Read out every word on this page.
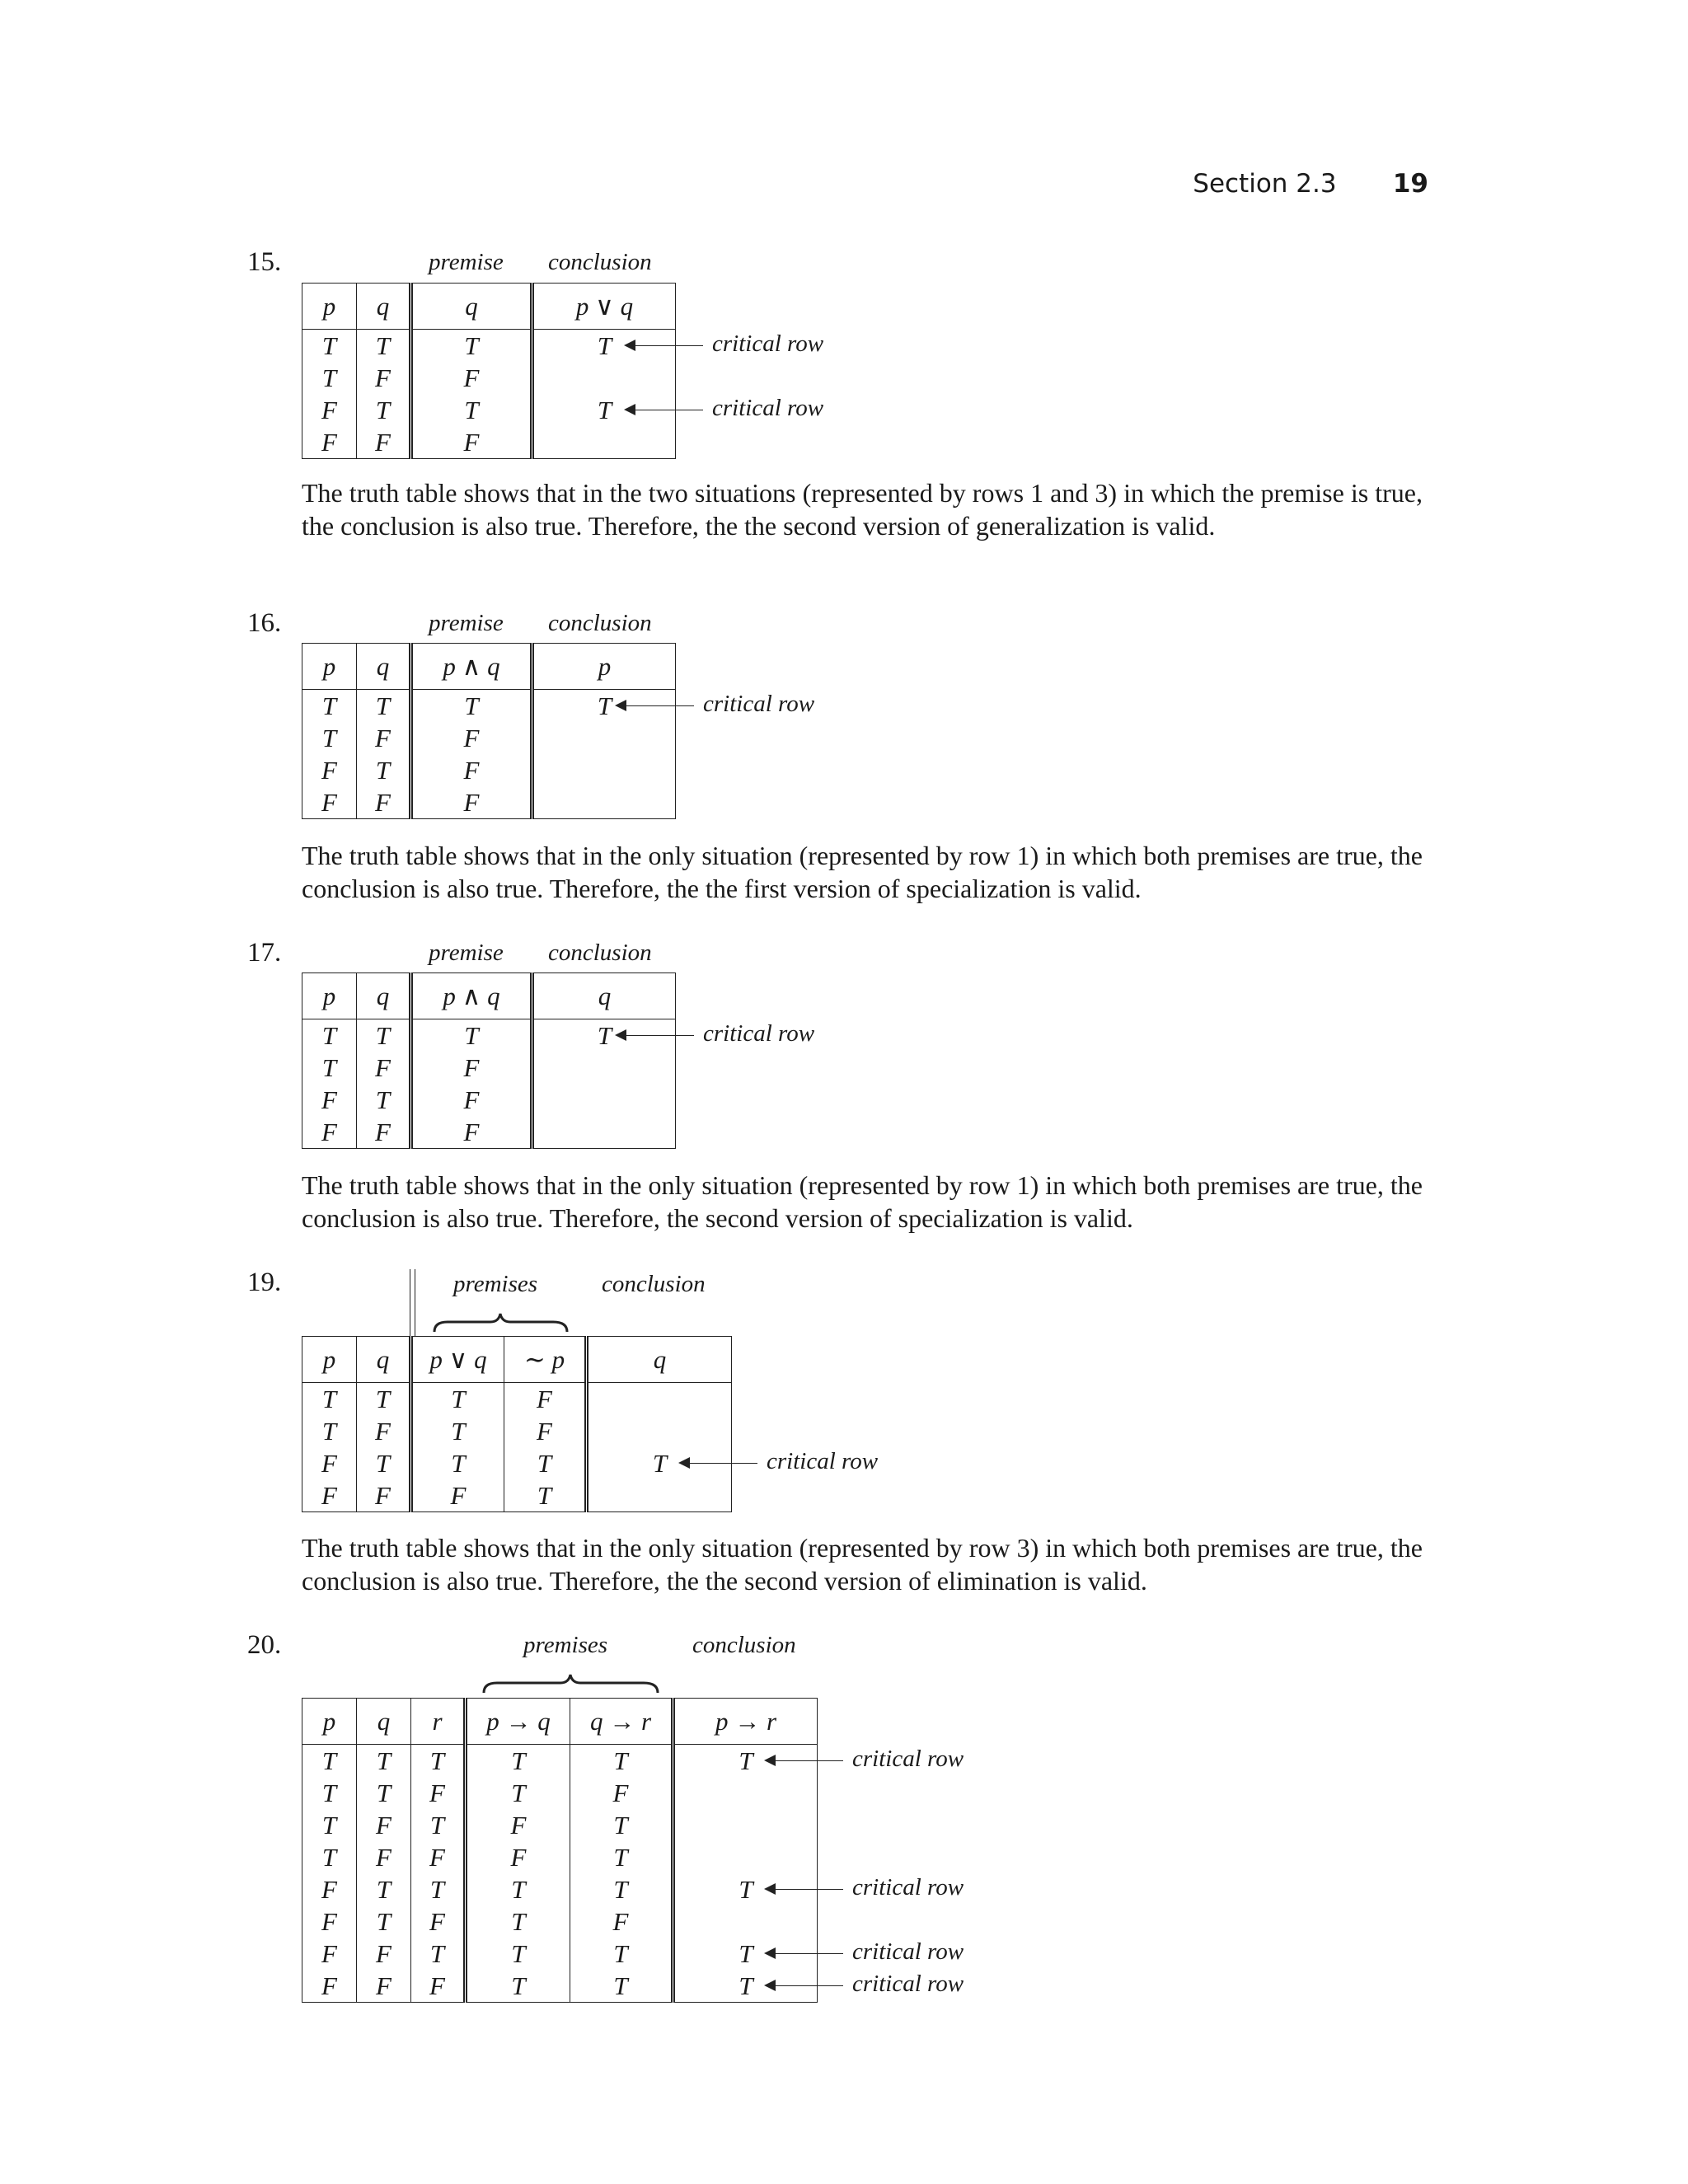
Section 2.3 19
15.	premise conclusion
p	q	q	p ∨ q
T	T	T	T critical row

T	F	F	
F	T	T	T critical row

F	F	F	
The truth table shows that in the two situations (represented by rows 1 and 3) in which the premise is true, the conclusion is also true. Therefore, the the second version of generalization is valid.
16.	premise conclusion
p	q	p ∧ q	p
T	T	T	T critical row

T	F	F	
F	T	F	
F	F	F	
The truth table shows that in the only situation (represented by row 1) in which both premises are true, the conclusion is also true. Therefore, the the first version of specialization is valid.
17.	premise conclusion
p	q	p ∧ q	q
T	T	T	T critical row

T	F	F	
F	T	F	
F	F	F	
The truth table shows that in the only situation (represented by row 1) in which both premises are true, the conclusion is also true. Therefore, the second version of specialization is valid.
19.	premises	conclusion
p	q	p ∨ q	∼ p	q
T	T	T	F	
T	F	T	F	
F	T	T	T	T critical row

F	F	F	T	
The truth table shows that in the only situation (represented by row 3) in which both premises are true, the conclusion is also true. Therefore, the the second version of elimination is valid.
20.	premises	conclusion
p	q	r	p → q	q → r	p → r
T	T	T	T	T	T critical row

T	T	F	T	F	
T	F	T	F	T	
T	F	F	F	T	
F	T	T	T	T	T critical row

F	T	F	T	F	
F	F	T	T	T	T critical row

F	F	F	T	T	T critical row
